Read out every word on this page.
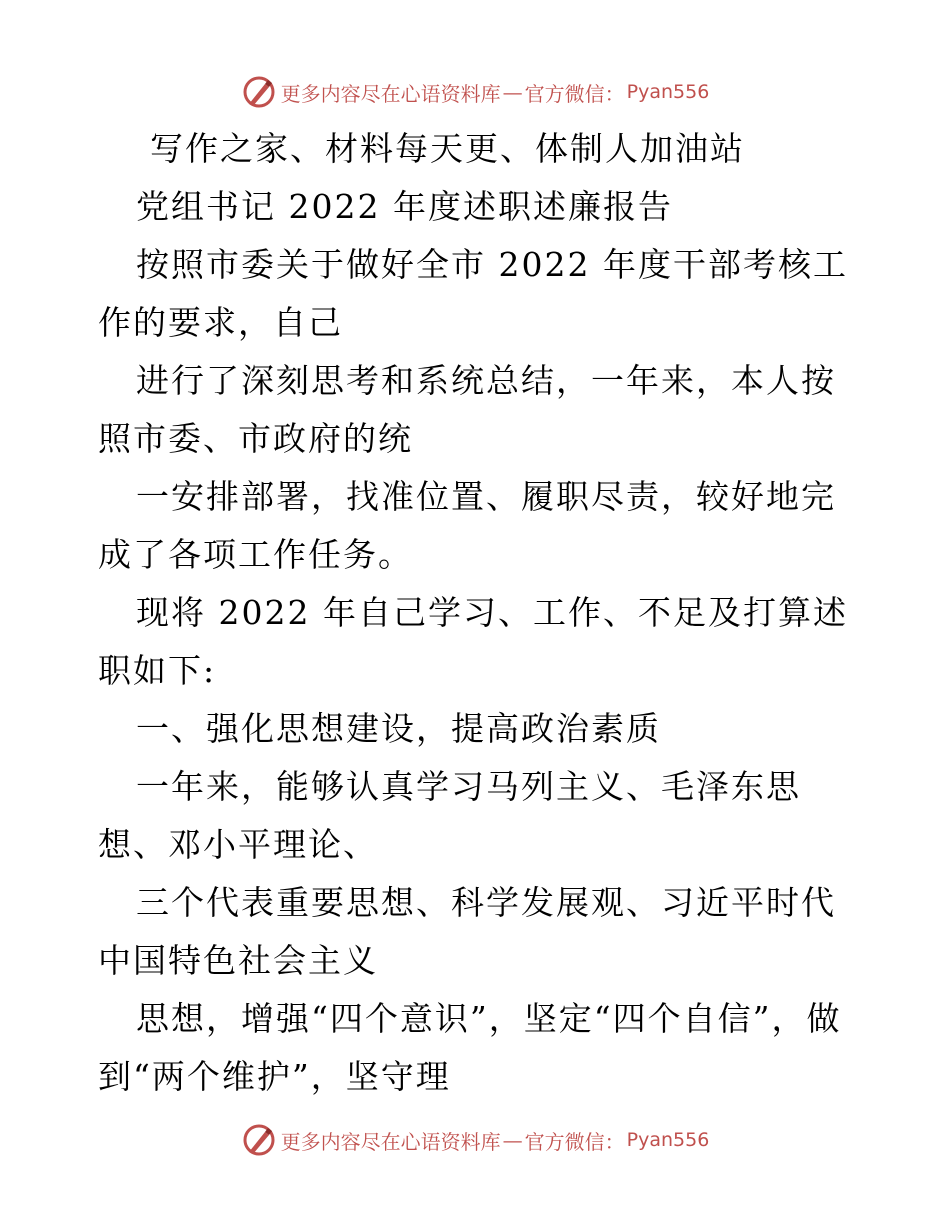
更多内容尽在心语资料库 — 官方微信： Pyan556

写作之家、材料每天更、体制人加油站

党组书记 2022 年度述职述廉报告

按照市委关于做好全市 2022 年度干部考核工作的要求，自己

进行了深刻思考和系统总结，一年来，本人按照市委、市政府的统

一安排部署，找准位置、履职尽责，较好地完成了各项工作任务。

现将 2022 年自己学习、工作、不足及打算述职如下:

一、强化思想建设，提高政治素质

一年来，能够认真学习马列主义、毛泽东思想、邓小平理论、

三个代表重要思想、科学发展观、习近平时代中国特色社会主义

思想，增强“四个意识”，坚定“四个自信”，做到“两个维护”，坚守理

更多内容尽在心语资料库 — 官方微信： Pyan556
